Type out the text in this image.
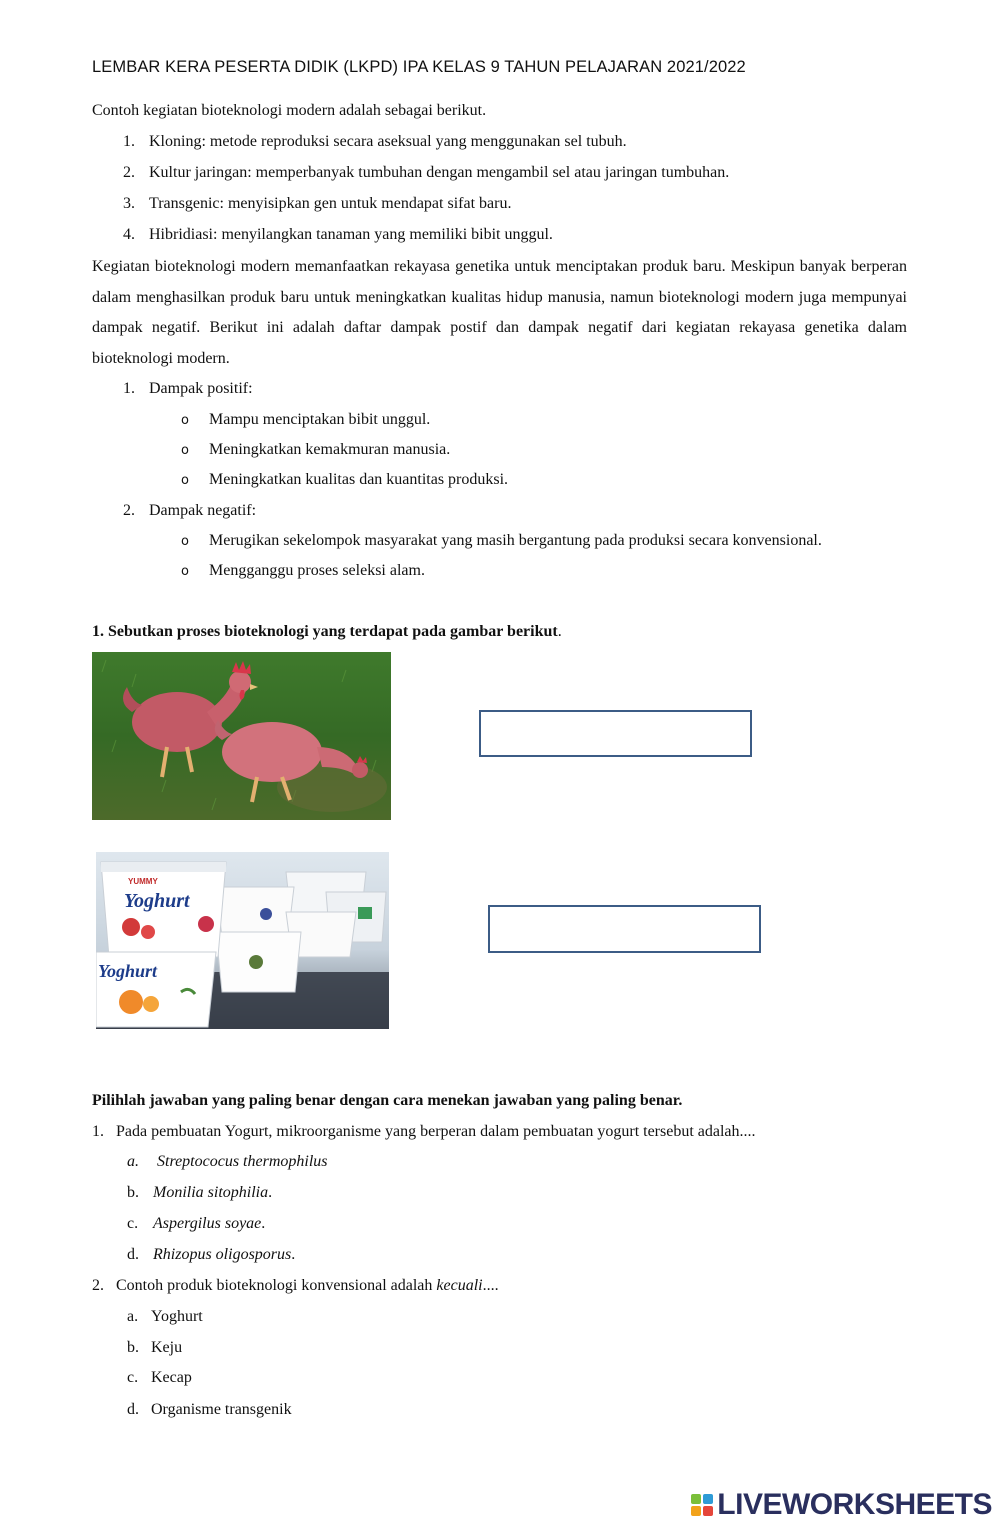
LEMBAR KERA PESERTA DIDIK (LKPD) IPA KELAS 9 TAHUN PELAJARAN 2021/2022
Contoh kegiatan bioteknologi modern adalah sebagai berikut.
1. Kloning: metode reproduksi secara aseksual yang menggunakan sel tubuh.
2. Kultur jaringan: memperbanyak tumbuhan dengan mengambil sel atau jaringan tumbuhan.
3. Transgenic: menyisipkan gen untuk mendapat sifat baru.
4. Hibridiasi: menyilangkan tanaman yang memiliki bibit unggul.
Kegiatan bioteknologi modern memanfaatkan rekayasa genetika untuk menciptakan produk baru. Meskipun banyak berperan dalam menghasilkan produk baru untuk meningkatkan kualitas hidup manusia, namun bioteknologi modern juga mempunyai dampak negatif. Berikut ini adalah daftar dampak postif dan dampak negatif dari kegiatan rekayasa genetika dalam bioteknologi modern.
1. Dampak positif:
o Mampu menciptakan bibit unggul.
o Meningkatkan kemakmuran manusia.
o Meningkatkan kualitas dan kuantitas produksi.
2. Dampak negatif:
o Merugikan sekelompok masyarakat yang masih bergantung pada produksi secara konvensional.
o Mengganggu proses seleksi alam.
1. Sebutkan proses bioteknologi yang terdapat pada gambar berikut.
YUMMY
Yoghurt
Yoghurt
Pilihlah jawaban yang paling benar dengan cara menekan jawaban yang paling benar.
1. Pada pembuatan Yogurt, mikroorganisme yang berperan dalam pembuatan yogurt tersebut adalah....
a. Streptococus thermophilus
b. Monilia sitophilia.
c. Aspergilus soyae.
d. Rhizopus oligosporus.
2. Contoh produk bioteknologi konvensional adalah kecuali....
a. Yoghurt
b. Keju
c. Kecap
d. Organisme transgenik
LIVEWORKSHEETS
